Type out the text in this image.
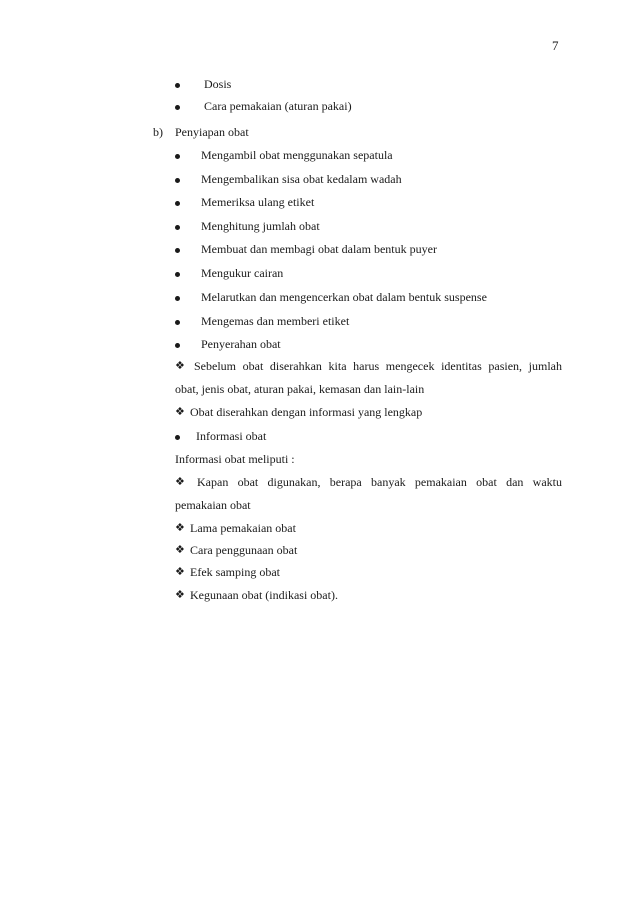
7
Dosis
Cara pemakaian (aturan pakai)
b) Penyiapan obat
Mengambil obat menggunakan sepatula
Mengembalikan sisa obat kedalam wadah
Memeriksa ulang etiket
Menghitung jumlah obat
Membuat dan membagi obat dalam bentuk puyer
Mengukur cairan
Melarutkan dan mengencerkan obat dalam bentuk suspense
Mengemas dan memberi etiket
Penyerahan obat
❖ Sebelum obat diserahkan kita harus mengecek identitas pasien, jumlah
obat, jenis obat, aturan pakai, kemasan dan lain-lain
❖ Obat diserahkan dengan informasi yang lengkap
Informasi obat
Informasi obat meliputi :
❖ Kapan obat digunakan, berapa banyak pemakaian obat dan waktu
pemakaian obat
❖ Lama pemakaian obat
❖ Cara penggunaan obat
❖ Efek samping obat
❖ Kegunaan obat (indikasi obat).
